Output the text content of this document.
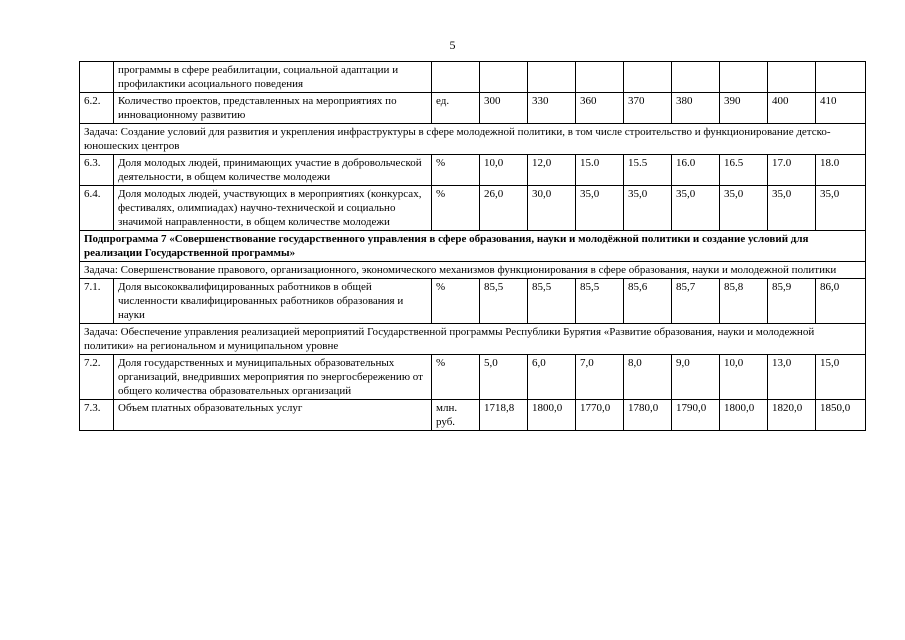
5
	программы в сфере реабилитации, социальной адаптации и профилактики асоциального поведения									
6.2.	Количество проектов, представленных на мероприятиях по инновационному развитию	ед.	300	330	360	370	380	390	400	410
Задача: Создание условий для развития и укрепления инфраструктуры в сфере молодежной политики, в том числе строительство и функционирование детско-юношеских центров										
6.3.	Доля молодых людей, принимающих участие в добровольческой деятельности, в общем количестве молодежи	%	10,0	12,0	15.0	15.5	16.0	16.5	17.0	18.0
6.4.	Доля молодых людей, участвующих в мероприятиях (конкурсах, фестивалях, олимпиадах) научно-технической и социально значимой направленности, в общем количестве молодежи	%	26,0	30,0	35,0	35,0	35,0	35,0	35,0	35,0
Подпрограмма 7 «Совершенствование государственного управления в сфере образования, науки и молодёжной политики и создание условий для реализации Государственной программы»										
Задача: Совершенствование правового, организационного, экономического механизмов функционирования в сфере образования, науки и молодежной политики										
7.1.	Доля высококвалифицированных работников в общей численности квалифицированных работников образования и науки	%	85,5	85,5	85,5	85,6	85,7	85,8	85,9	86,0
Задача: Обеспечение управления реализацией мероприятий Государственной программы Республики Бурятия «Развитие образования, науки и молодежной политики» на региональном и муниципальном уровне										
7.2.	Доля государственных и муниципальных образовательных организаций, внедривших мероприятия по энергосбережению от общего количества образовательных организаций	%	5,0	6,0	7,0	8,0	9,0	10,0	13,0	15,0
7.3.	Объем платных образовательных услуг	млн. руб.	1718,8	1800,0	1770,0	1780,0	1790,0	1800,0	1820,0	1850,0
